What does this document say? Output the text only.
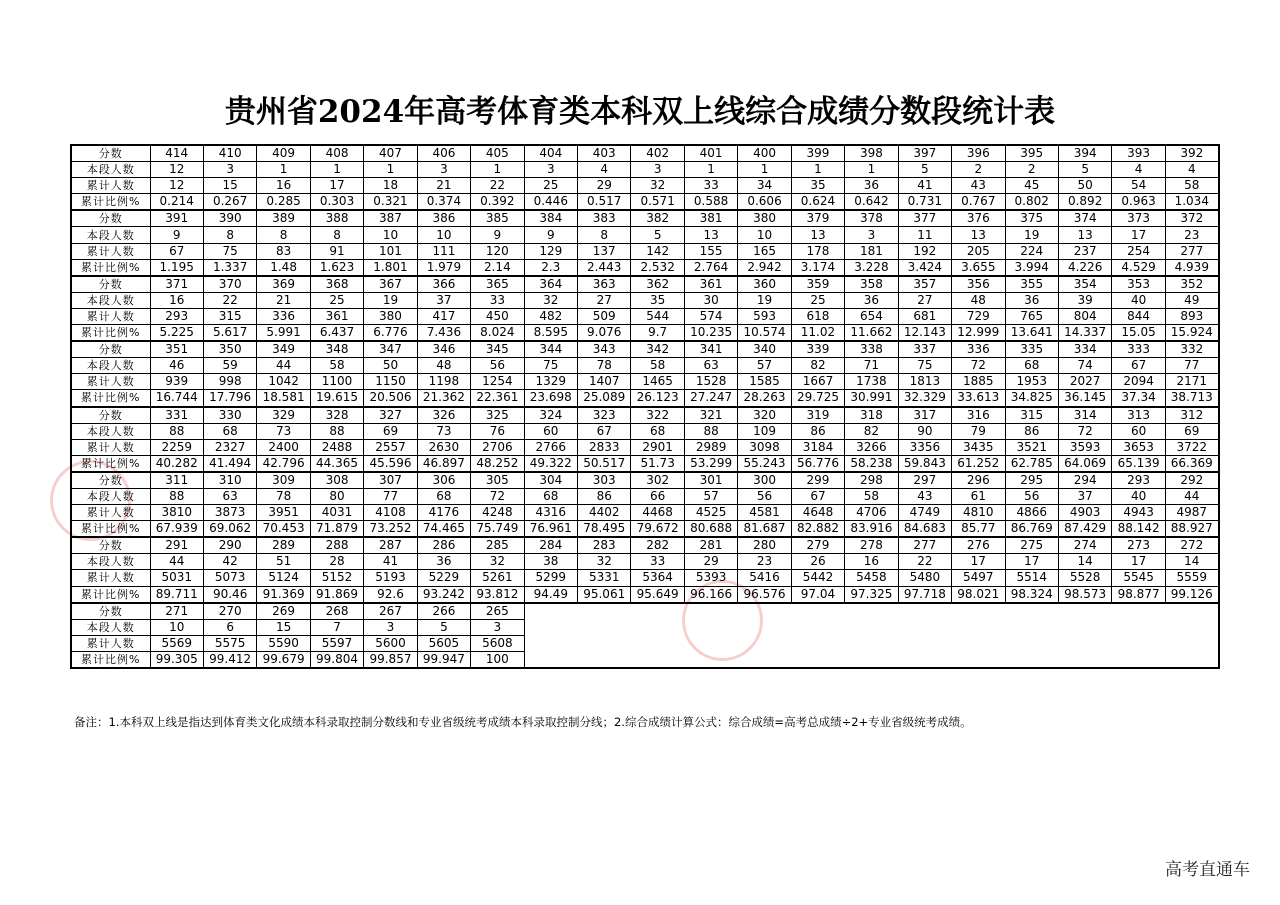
贵州省2024年高考体育类本科双上线综合成绩分数段统计表
分数	414	410	409	408	407	406	405	404	403	402	401	400	399	398	397	396	395	394	393	392
本段人数	12	3	1	1	1	3	1	3	4	3	1	1	1	1	5	2	2	5	4	4
累计人数	12	15	16	17	18	21	22	25	29	32	33	34	35	36	41	43	45	50	54	58
累计比例%	0.214	0.267	0.285	0.303	0.321	0.374	0.392	0.446	0.517	0.571	0.588	0.606	0.624	0.642	0.731	0.767	0.802	0.892	0.963	1.034
分数	391	390	389	388	387	386	385	384	383	382	381	380	379	378	377	376	375	374	373	372
本段人数	9	8	8	8	10	10	9	9	8	5	13	10	13	3	11	13	19	13	17	23
累计人数	67	75	83	91	101	111	120	129	137	142	155	165	178	181	192	205	224	237	254	277
累计比例%	1.195	1.337	1.48	1.623	1.801	1.979	2.14	2.3	2.443	2.532	2.764	2.942	3.174	3.228	3.424	3.655	3.994	4.226	4.529	4.939
分数	371	370	369	368	367	366	365	364	363	362	361	360	359	358	357	356	355	354	353	352
本段人数	16	22	21	25	19	37	33	32	27	35	30	19	25	36	27	48	36	39	40	49
累计人数	293	315	336	361	380	417	450	482	509	544	574	593	618	654	681	729	765	804	844	893
累计比例%	5.225	5.617	5.991	6.437	6.776	7.436	8.024	8.595	9.076	9.7	10.235	10.574	11.02	11.662	12.143	12.999	13.641	14.337	15.05	15.924
分数	351	350	349	348	347	346	345	344	343	342	341	340	339	338	337	336	335	334	333	332
本段人数	46	59	44	58	50	48	56	75	78	58	63	57	82	71	75	72	68	74	67	77
累计人数	939	998	1042	1100	1150	1198	1254	1329	1407	1465	1528	1585	1667	1738	1813	1885	1953	2027	2094	2171
累计比例%	16.744	17.796	18.581	19.615	20.506	21.362	22.361	23.698	25.089	26.123	27.247	28.263	29.725	30.991	32.329	33.613	34.825	36.145	37.34	38.713
分数	331	330	329	328	327	326	325	324	323	322	321	320	319	318	317	316	315	314	313	312
本段人数	88	68	73	88	69	73	76	60	67	68	88	109	86	82	90	79	86	72	60	69
累计人数	2259	2327	2400	2488	2557	2630	2706	2766	2833	2901	2989	3098	3184	3266	3356	3435	3521	3593	3653	3722
累计比例%	40.282	41.494	42.796	44.365	45.596	46.897	48.252	49.322	50.517	51.73	53.299	55.243	56.776	58.238	59.843	61.252	62.785	64.069	65.139	66.369
分数	311	310	309	308	307	306	305	304	303	302	301	300	299	298	297	296	295	294	293	292
本段人数	88	63	78	80	77	68	72	68	86	66	57	56	67	58	43	61	56	37	40	44
累计人数	3810	3873	3951	4031	4108	4176	4248	4316	4402	4468	4525	4581	4648	4706	4749	4810	4866	4903	4943	4987
累计比例%	67.939	69.062	70.453	71.879	73.252	74.465	75.749	76.961	78.495	79.672	80.688	81.687	82.882	83.916	84.683	85.77	86.769	87.429	88.142	88.927
分数	291	290	289	288	287	286	285	284	283	282	281	280	279	278	277	276	275	274	273	272
本段人数	44	42	51	28	41	36	32	38	32	33	29	23	26	16	22	17	17	14	17	14
累计人数	5031	5073	5124	5152	5193	5229	5261	5299	5331	5364	5393	5416	5442	5458	5480	5497	5514	5528	5545	5559
累计比例%	89.711	90.46	91.369	91.869	92.6	93.242	93.812	94.49	95.061	95.649	96.166	96.576	97.04	97.325	97.718	98.021	98.324	98.573	98.877	99.126
分数	271	270	269	268	267	266	265													
本段人数	10	6	15	7	3	5	3													
累计人数	5569	5575	5590	5597	5600	5605	5608													
累计比例%	99.305	99.412	99.679	99.804	99.857	99.947	100													
备注：1.本科双上线是指达到体育类文化成绩本科录取控制分数线和专业省级统考成绩本科录取控制分线；2.综合成绩计算公式：综合成绩=高考总成绩÷2+专业省级统考成绩。
高考直通车
